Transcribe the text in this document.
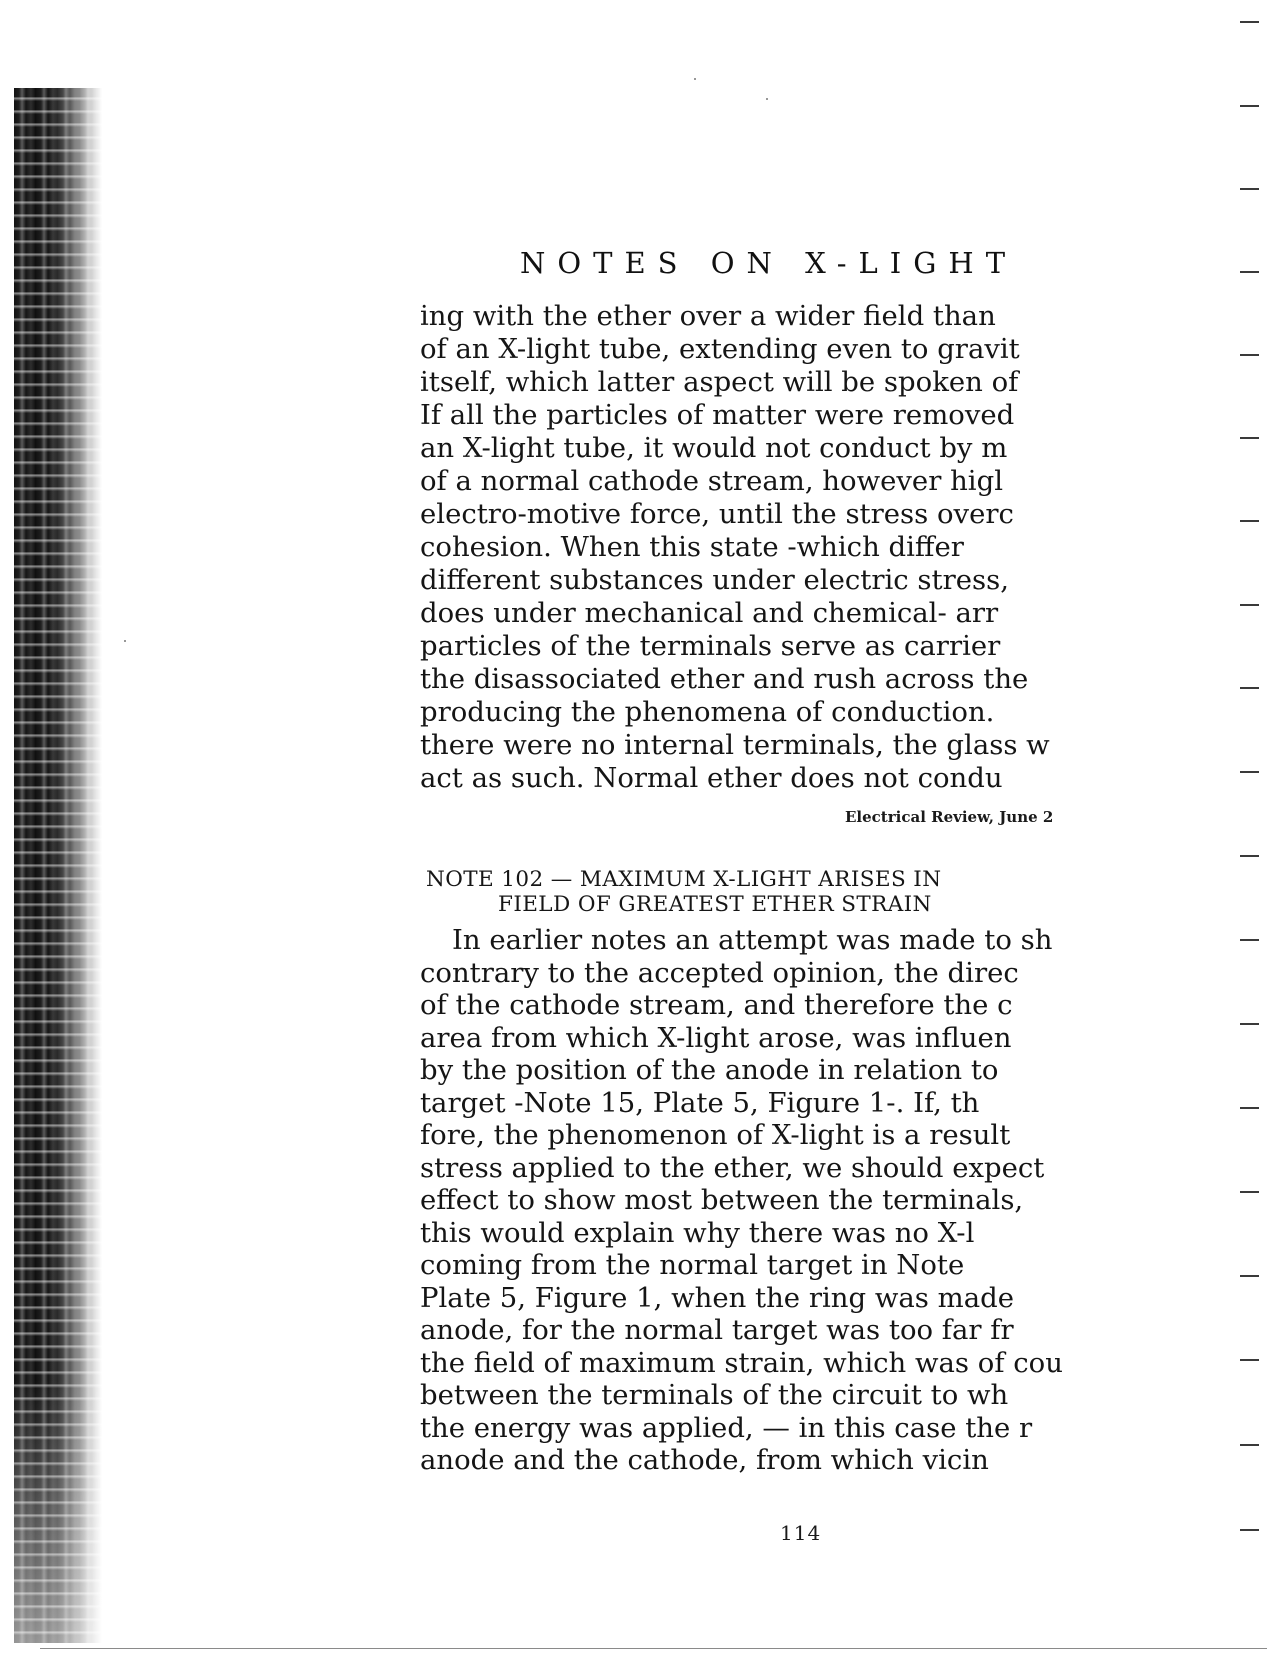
NOTES ON X-LIGHT
ing with the ether over a wider field than
of an X-light tube, extending even to gravit
itself, which latter aspect will be spoken of
If all the particles of matter were removed
an X-light tube, it would not conduct by m
of a normal cathode stream, however higl
electro-motive force, until the stress overc
cohesion. When this state -which differ
different substances under electric stress,
does under mechanical and chemical- arr
particles of the terminals serve as carrier
the disassociated ether and rush across the
producing the phenomena of conduction.
there were no internal terminals, the glass w
act as such. Normal ether does not condu
Electrical Review, June 2
NOTE 102 — MAXIMUM X-LIGHT ARISES IN
FIELD OF GREATEST ETHER STRAIN
In earlier notes an attempt was made to sh
contrary to the accepted opinion, the direc
of the cathode stream, and therefore the c
area from which X-light arose, was influen
by the position of the anode in relation to
target -Note 15, Plate 5, Figure 1-. If, th
fore, the phenomenon of X-light is a result
stress applied to the ether, we should expect
effect to show most between the terminals,
this would explain why there was no X-l
coming from the normal target in Note
Plate 5, Figure 1, when the ring was made
anode, for the normal target was too far fr
the field of maximum strain, which was of cou
between the terminals of the circuit to wh
the energy was applied, — in this case the r
anode and the cathode, from which vicin
114
